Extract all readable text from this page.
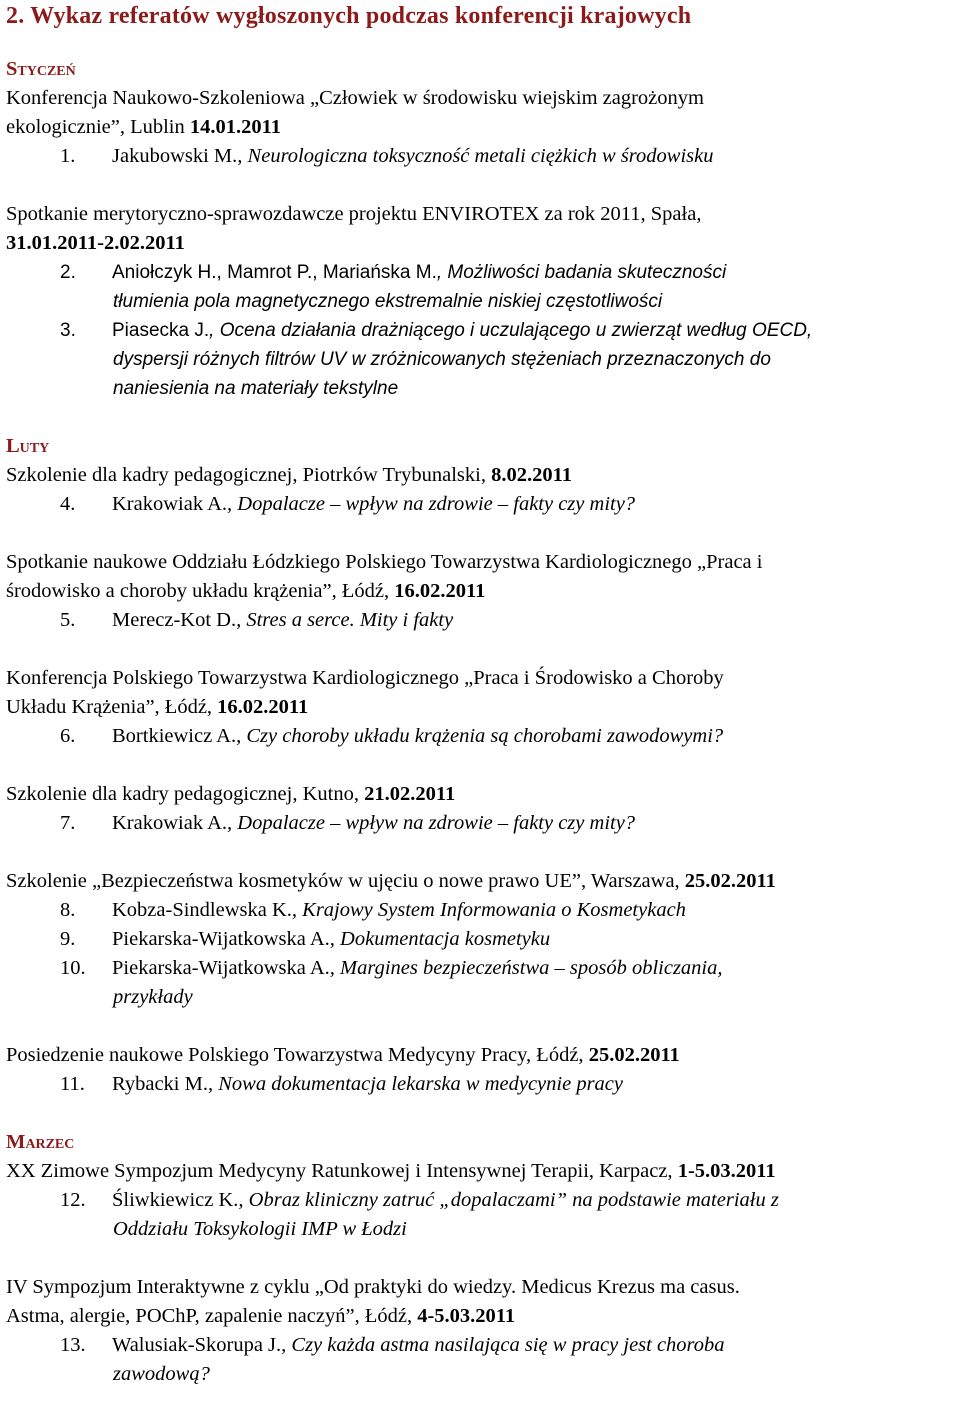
2. Wykaz referatów wygłoszonych podczas konferencji krajowych
Styczeń
Konferencja Naukowo-Szkoleniowa „Człowiek w środowisku wiejskim zagrożonym
ekologicznie”, Lublin 14.01.2011
1. Jakubowski M., Neurologiczna toksyczność metali ciężkich w środowisku
Spotkanie merytoryczno-sprawozdawcze projektu ENVIROTEX za rok 2011, Spała,
31.01.2011-2.02.2011
2. Aniołczyk H., Mamrot P., Mariańska M., Możliwości badania skuteczności
tłumienia pola magnetycznego ekstremalnie niskiej częstotliwości
3. Piasecka J., Ocena działania drażniącego i uczulającego u zwierząt według OECD,
dyspersji różnych filtrów UV w zróżnicowanych stężeniach przeznaczonych do
naniesienia na materiały tekstylne
Luty
Szkolenie dla kadry pedagogicznej, Piotrków Trybunalski, 8.02.2011
4. Krakowiak A., Dopalacze – wpływ na zdrowie – fakty czy mity?
Spotkanie naukowe Oddziału Łódzkiego Polskiego Towarzystwa Kardiologicznego „Praca i
środowisko a choroby układu krążenia”, Łódź, 16.02.2011
5. Merecz-Kot D., Stres a serce. Mity i fakty
Konferencja Polskiego Towarzystwa Kardiologicznego „Praca i Środowisko a Choroby
Układu Krążenia”, Łódź, 16.02.2011
6. Bortkiewicz A., Czy choroby układu krążenia są chorobami zawodowymi?
Szkolenie dla kadry pedagogicznej, Kutno, 21.02.2011
7. Krakowiak A., Dopalacze – wpływ na zdrowie – fakty czy mity?
Szkolenie „Bezpieczeństwa kosmetyków w ujęciu o nowe prawo UE”, Warszawa, 25.02.2011
8. Kobza-Sindlewska K., Krajowy System Informowania o Kosmetykach
9. Piekarska-Wijatkowska A., Dokumentacja kosmetyku
10. Piekarska-Wijatkowska A., Margines bezpieczeństwa – sposób obliczania,
przykłady
Posiedzenie naukowe Polskiego Towarzystwa Medycyny Pracy, Łódź, 25.02.2011
11. Rybacki M., Nowa dokumentacja lekarska w medycynie pracy
Marzec
XX Zimowe Sympozjum Medycyny Ratunkowej i Intensywnej Terapii, Karpacz, 1-5.03.2011
12. Śliwkiewicz K., Obraz kliniczny zatruć „dopalaczami” na podstawie materiału z
Oddziału Toksykologii IMP w Łodzi
IV Sympozjum Interaktywne z cyklu „Od praktyki do wiedzy. Medicus Krezus ma casus.
Astma, alergie, POChP, zapalenie naczyń”, Łódź, 4-5.03.2011
13. Walusiak-Skorupa J., Czy każda astma nasilająca się w pracy jest choroba
zawodową?
